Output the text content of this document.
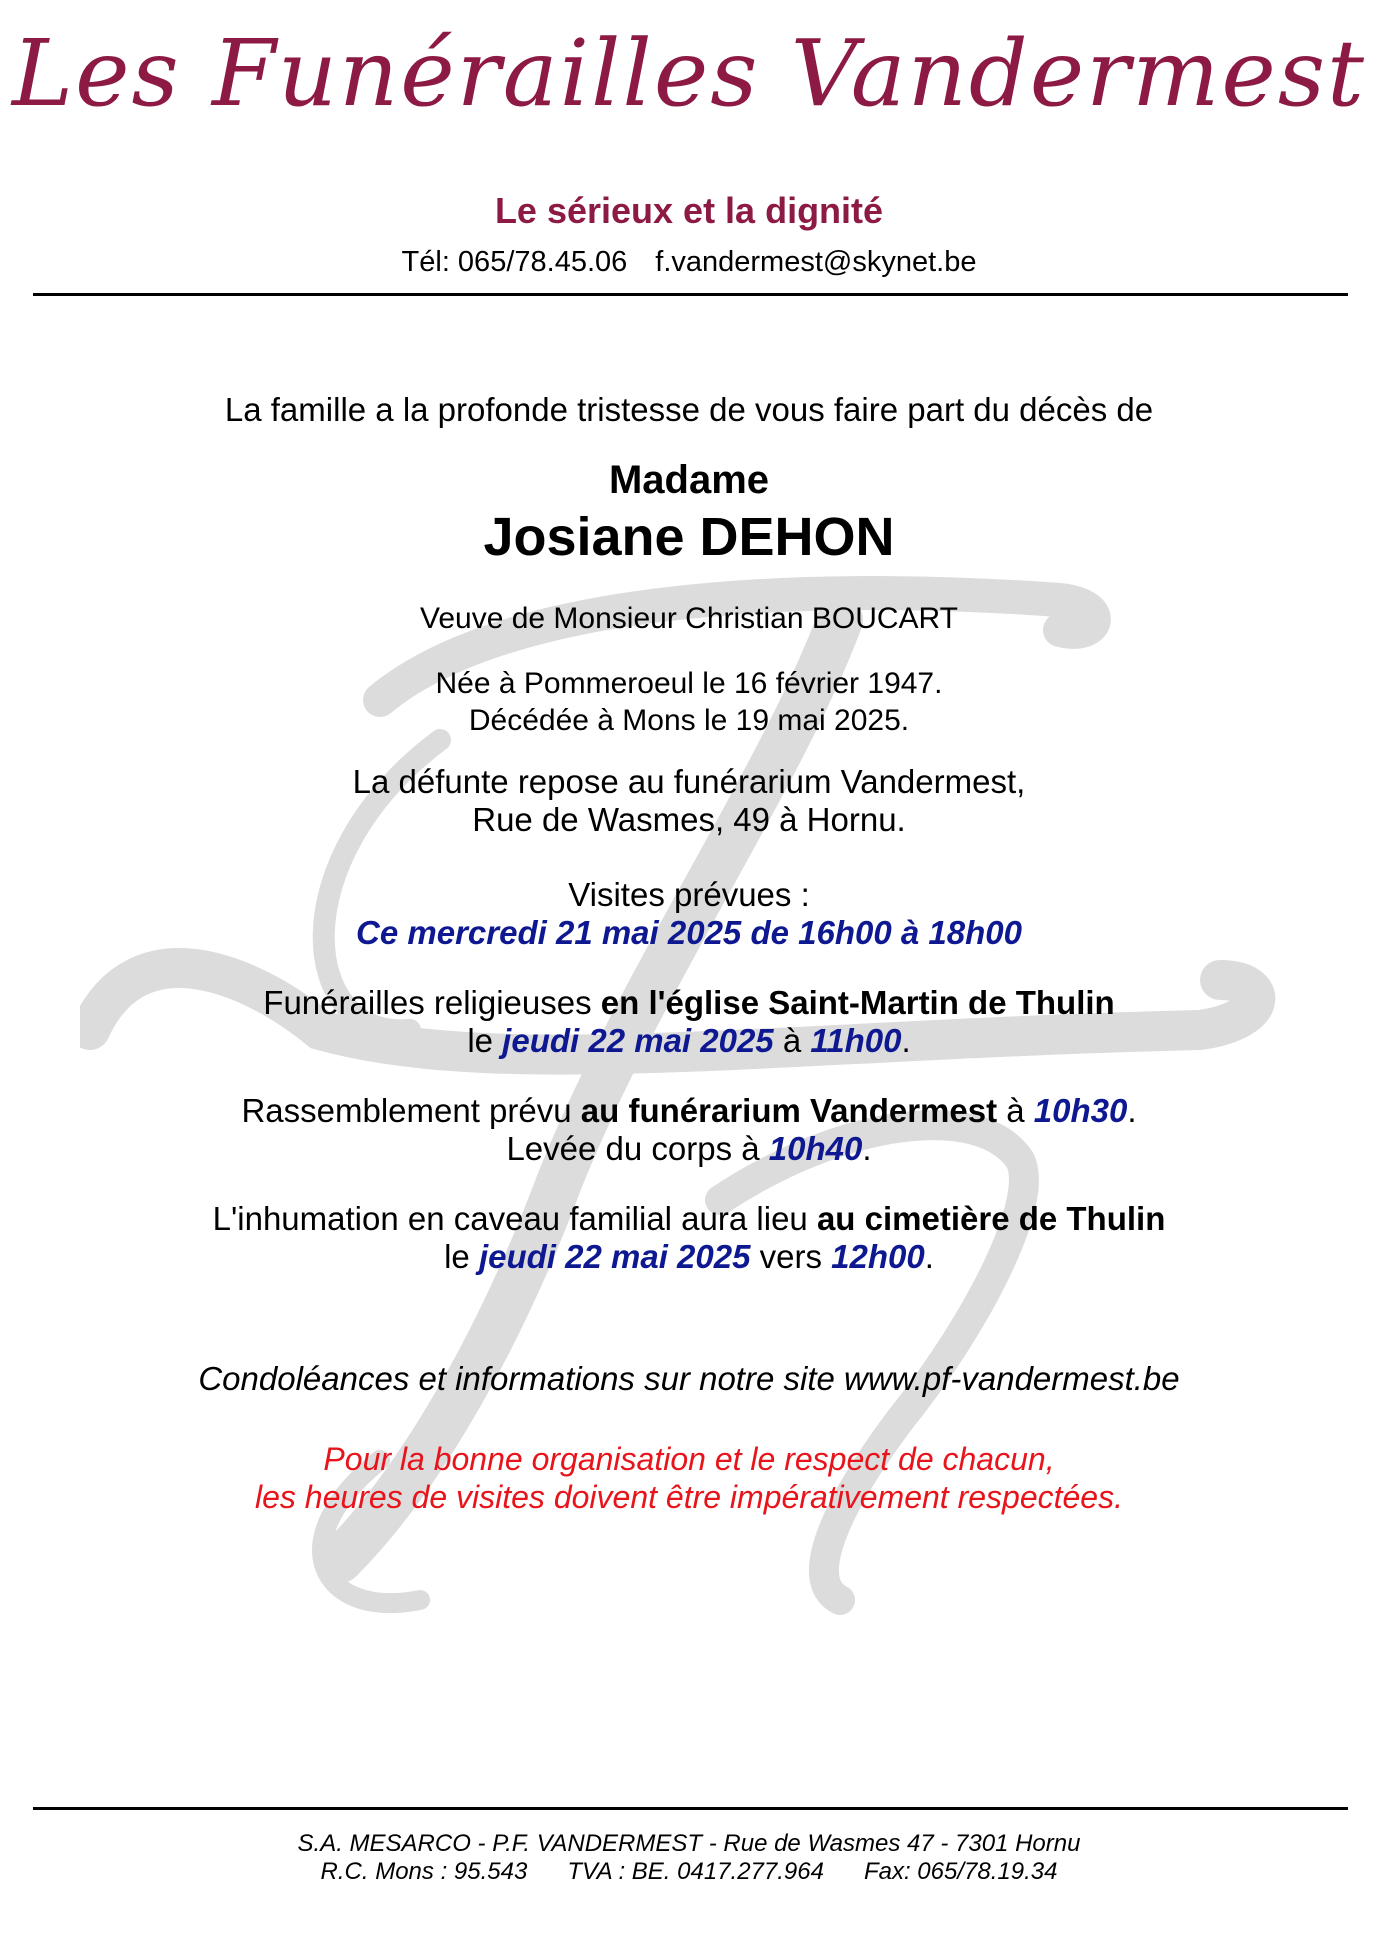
Les Funérailles Vandermest
Le sérieux et la dignité
Tél: 065/78.45.06 f.vandermest@skynet.be
La famille a la profonde tristesse de vous faire part du décès de
Madame
Josiane DEHON
Veuve de Monsieur Christian BOUCART
Née à Pommeroeul le 16 février 1947.
Décédée à Mons le 19 mai 2025.
La défunte repose au funérarium Vandermest,
Rue de Wasmes, 49 à Hornu.
Visites prévues :
Ce mercredi 21 mai 2025 de 16h00 à 18h00
Funérailles religieuses en l'église Saint-Martin de Thulin
le jeudi 22 mai 2025 à 11h00.
Rassemblement prévu au funérarium Vandermest à 10h30.
Levée du corps à 10h40.
L'inhumation en caveau familial aura lieu au cimetière de Thulin
le jeudi 22 mai 2025 vers 12h00.
Condoléances et informations sur notre site www.pf-vandermest.be
Pour la bonne organisation et le respect de chacun,
les heures de visites doivent être impérativement respectées.
S.A. MESARCO - P.F. VANDERMEST - Rue de Wasmes 47 - 7301 Hornu
R.C. Mons : 95.543 TVA : BE. 0417.277.964 Fax: 065/78.19.34
